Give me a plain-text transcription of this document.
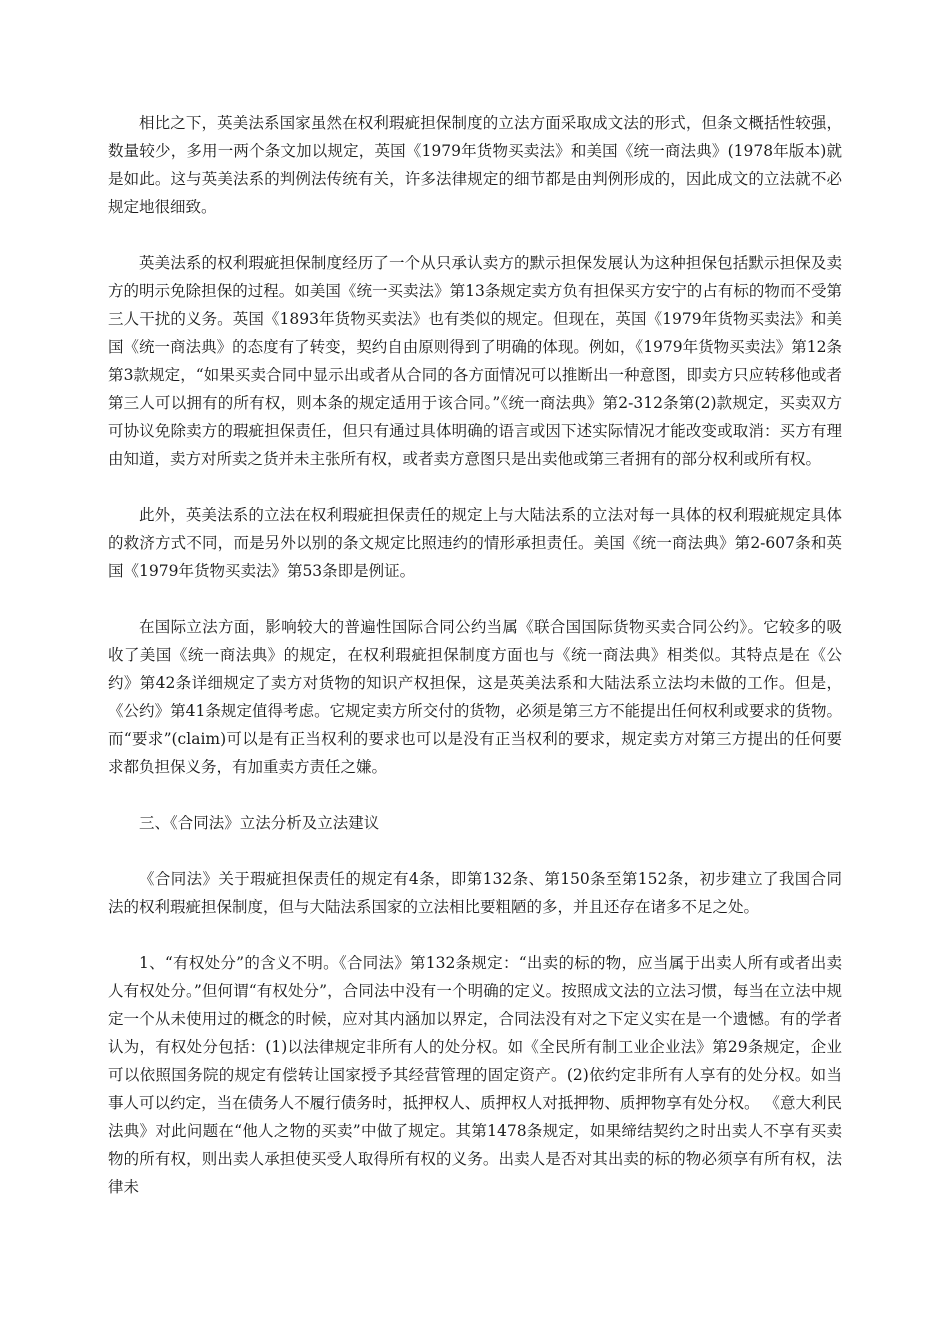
相比之下，英美法系国家虽然在权利瑕疵担保制度的立法方面采取成文法的形式，但条文概括性较强，数量较少，多用一两个条文加以规定，英国《1979年货物买卖法》和美国《统一商法典》(1978年版本)就是如此。这与英美法系的判例法传统有关，许多法律规定的细节都是由判例形成的，因此成文的立法就不必规定地很细致。

英美法系的权利瑕疵担保制度经历了一个从只承认卖方的默示担保发展认为这种担保包括默示担保及卖方的明示免除担保的过程。如美国《统一买卖法》第13条规定卖方负有担保买方安宁的占有标的物而不受第三人干扰的义务。英国《1893年货物买卖法》也有类似的规定。但现在，英国《1979年货物买卖法》和美国《统一商法典》的态度有了转变，契约自由原则得到了明确的体现。例如，《1979年货物买卖法》第12条第3款规定，“如果买卖合同中显示出或者从合同的各方面情况可以推断出一种意图，即卖方只应转移他或者第三人可以拥有的所有权，则本条的规定适用于该合同。”《统一商法典》第2-312条第(2)款规定，买卖双方可协议免除卖方的瑕疵担保责任，但只有通过具体明确的语言或因下述实际情况才能改变或取消：买方有理由知道，卖方对所卖之货并未主张所有权，或者卖方意图只是出卖他或第三者拥有的部分权利或所有权。

此外，英美法系的立法在权利瑕疵担保责任的规定上与大陆法系的立法对每一具体的权利瑕疵规定具体的救济方式不同，而是另外以别的条文规定比照违约的情形承担责任。美国《统一商法典》第2-607条和英国《1979年货物买卖法》第53条即是例证。

在国际立法方面，影响较大的普遍性国际合同公约当属《联合国国际货物买卖合同公约》。它较多的吸收了美国《统一商法典》的规定，在权利瑕疵担保制度方面也与《统一商法典》相类似。其特点是在《公约》第42条详细规定了卖方对货物的知识产权担保，这是英美法系和大陆法系立法均未做的工作。但是，《公约》第41条规定值得考虑。它规定卖方所交付的货物，必须是第三方不能提出任何权利或要求的货物。而“要求”(claim)可以是有正当权利的要求也可以是没有正当权利的要求，规定卖方对第三方提出的任何要求都负担保义务，有加重卖方责任之嫌。

三、《合同法》立法分析及立法建议

《合同法》关于瑕疵担保责任的规定有4条，即第132条、第150条至第152条，初步建立了我国合同法的权利瑕疵担保制度，但与大陆法系国家的立法相比要粗陋的多，并且还存在诸多不足之处。

1、“有权处分”的含义不明。《合同法》第132条规定：“出卖的标的物，应当属于出卖人所有或者出卖人有权处分。”但何谓“有权处分”，合同法中没有一个明确的定义。按照成文法的立法习惯，每当在立法中规定一个从未使用过的概念的时候，应对其内涵加以界定，合同法没有对之下定义实在是一个遗憾。有的学者认为，有权处分包括：(1)以法律规定非所有人的处分权。如《全民所有制工业企业法》第29条规定，企业可以依照国务院的规定有偿转让国家授予其经营管理的固定资产。(2)依约定非所有人享有的处分权。如当事人可以约定，当在债务人不履行债务时，抵押权人、质押权人对抵押物、质押物享有处分权。 《意大利民法典》对此问题在“他人之物的买卖”中做了规定。其第1478条规定，如果缔结契约之时出卖人不享有买卖物的所有权，则出卖人承担使买受人取得所有权的义务。出卖人是否对其出卖的标的物必须享有所有权，法律未
